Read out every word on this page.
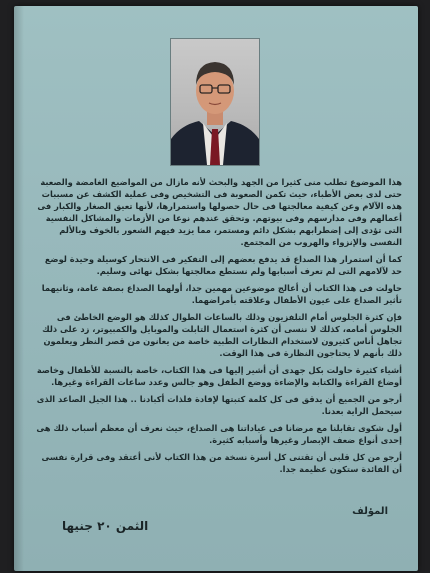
هذا الموضوع تطلب منى كثيرا من الجهد والبحث لأنه مازال من المواضيع الغامضة والصعبة حتى لدى بعض الأطباء، حيث تكمن الصعوبة فى التشخيص وفى عملية الكشف عن مسببات هذه الآلام وعن كيفية معالجتها فى حال حصولها واستمرارها، لأنها تعيق الصغار والكبار فى أعمالهم وفى مدارسهم وفى بيوتهم. وتحقق عندهم نوعا من الأزمات والمشاكل النفسية التى تؤدى إلى إضطرابهم بشكل دائم ومستمر، مما يزيد فيهم الشعور بالخوف وبالألم النفسى والإنزواء والهروب من المجتمع.

كما أن استمرار هذا الصداع قد يدفع بعضهم إلى التفكير فى الانتحار كوسيلة وحيدة لوضع حد لآلامهم التى لم تعرف أسبابها ولم نستطع معالجتها بشكل نهائى وسليم.

حاولت فى هذا الكتاب أن أعالج موضوعين مهمين جدا، أولهما الصداع بصفة عامة، وثانيهما تأثير الصداع على عيون الأطفال وعلاقته بأمراضهما.

فإن كثرة الجلوس أمام التلفزيون وذلك بالساعات الطوال كذلك هو الوضع الخاطئ فى الجلوس أمامه، كذلك لا ننسى أن كثرة استعمال التابلت والموبايل والكمبيوتر، زد على ذلك تجاهل أناس كثيرون لاستخدام النظارات الطبية خاصة من يعانون من قصر النظر ويعلمون ذلك بأنهم لا يحتاجون النظارة فى هذا الوقت.

أشياء كثيرة حاولت بكل جهدى أن أشير إليها فى هذا الكتاب، خاصة بالنسبة للأطفال وخاصة أوضاع القراءة والكتابة والإضاءة ووضع الطفل وهو جالس وعدد ساعات القراءة وغيرها.

أرجو من الجميع أن يدقق فى كل كلمة كتبتها لإفادة فلذات أكبادنا .. هذا الجيل الصاعد الذى سيحمل الراية بعدنا.

أول شكوى تقابلنا مع مرضانا فى عياداتنا هى الصداع، حيث نعرف أن معظم أسباب ذلك هى إحدى أنواع ضعف الإبصار وغيرها وأسبابه كثيرة.

أرجو من كل قلبى أن تقتنى كل أسرة نسخة من هذا الكتاب لأنى أعتقد وفى قرارة نفسى أن الفائدة ستكون عظيمة جدا.

المؤلف
الثمن ٢٠ جنيها
